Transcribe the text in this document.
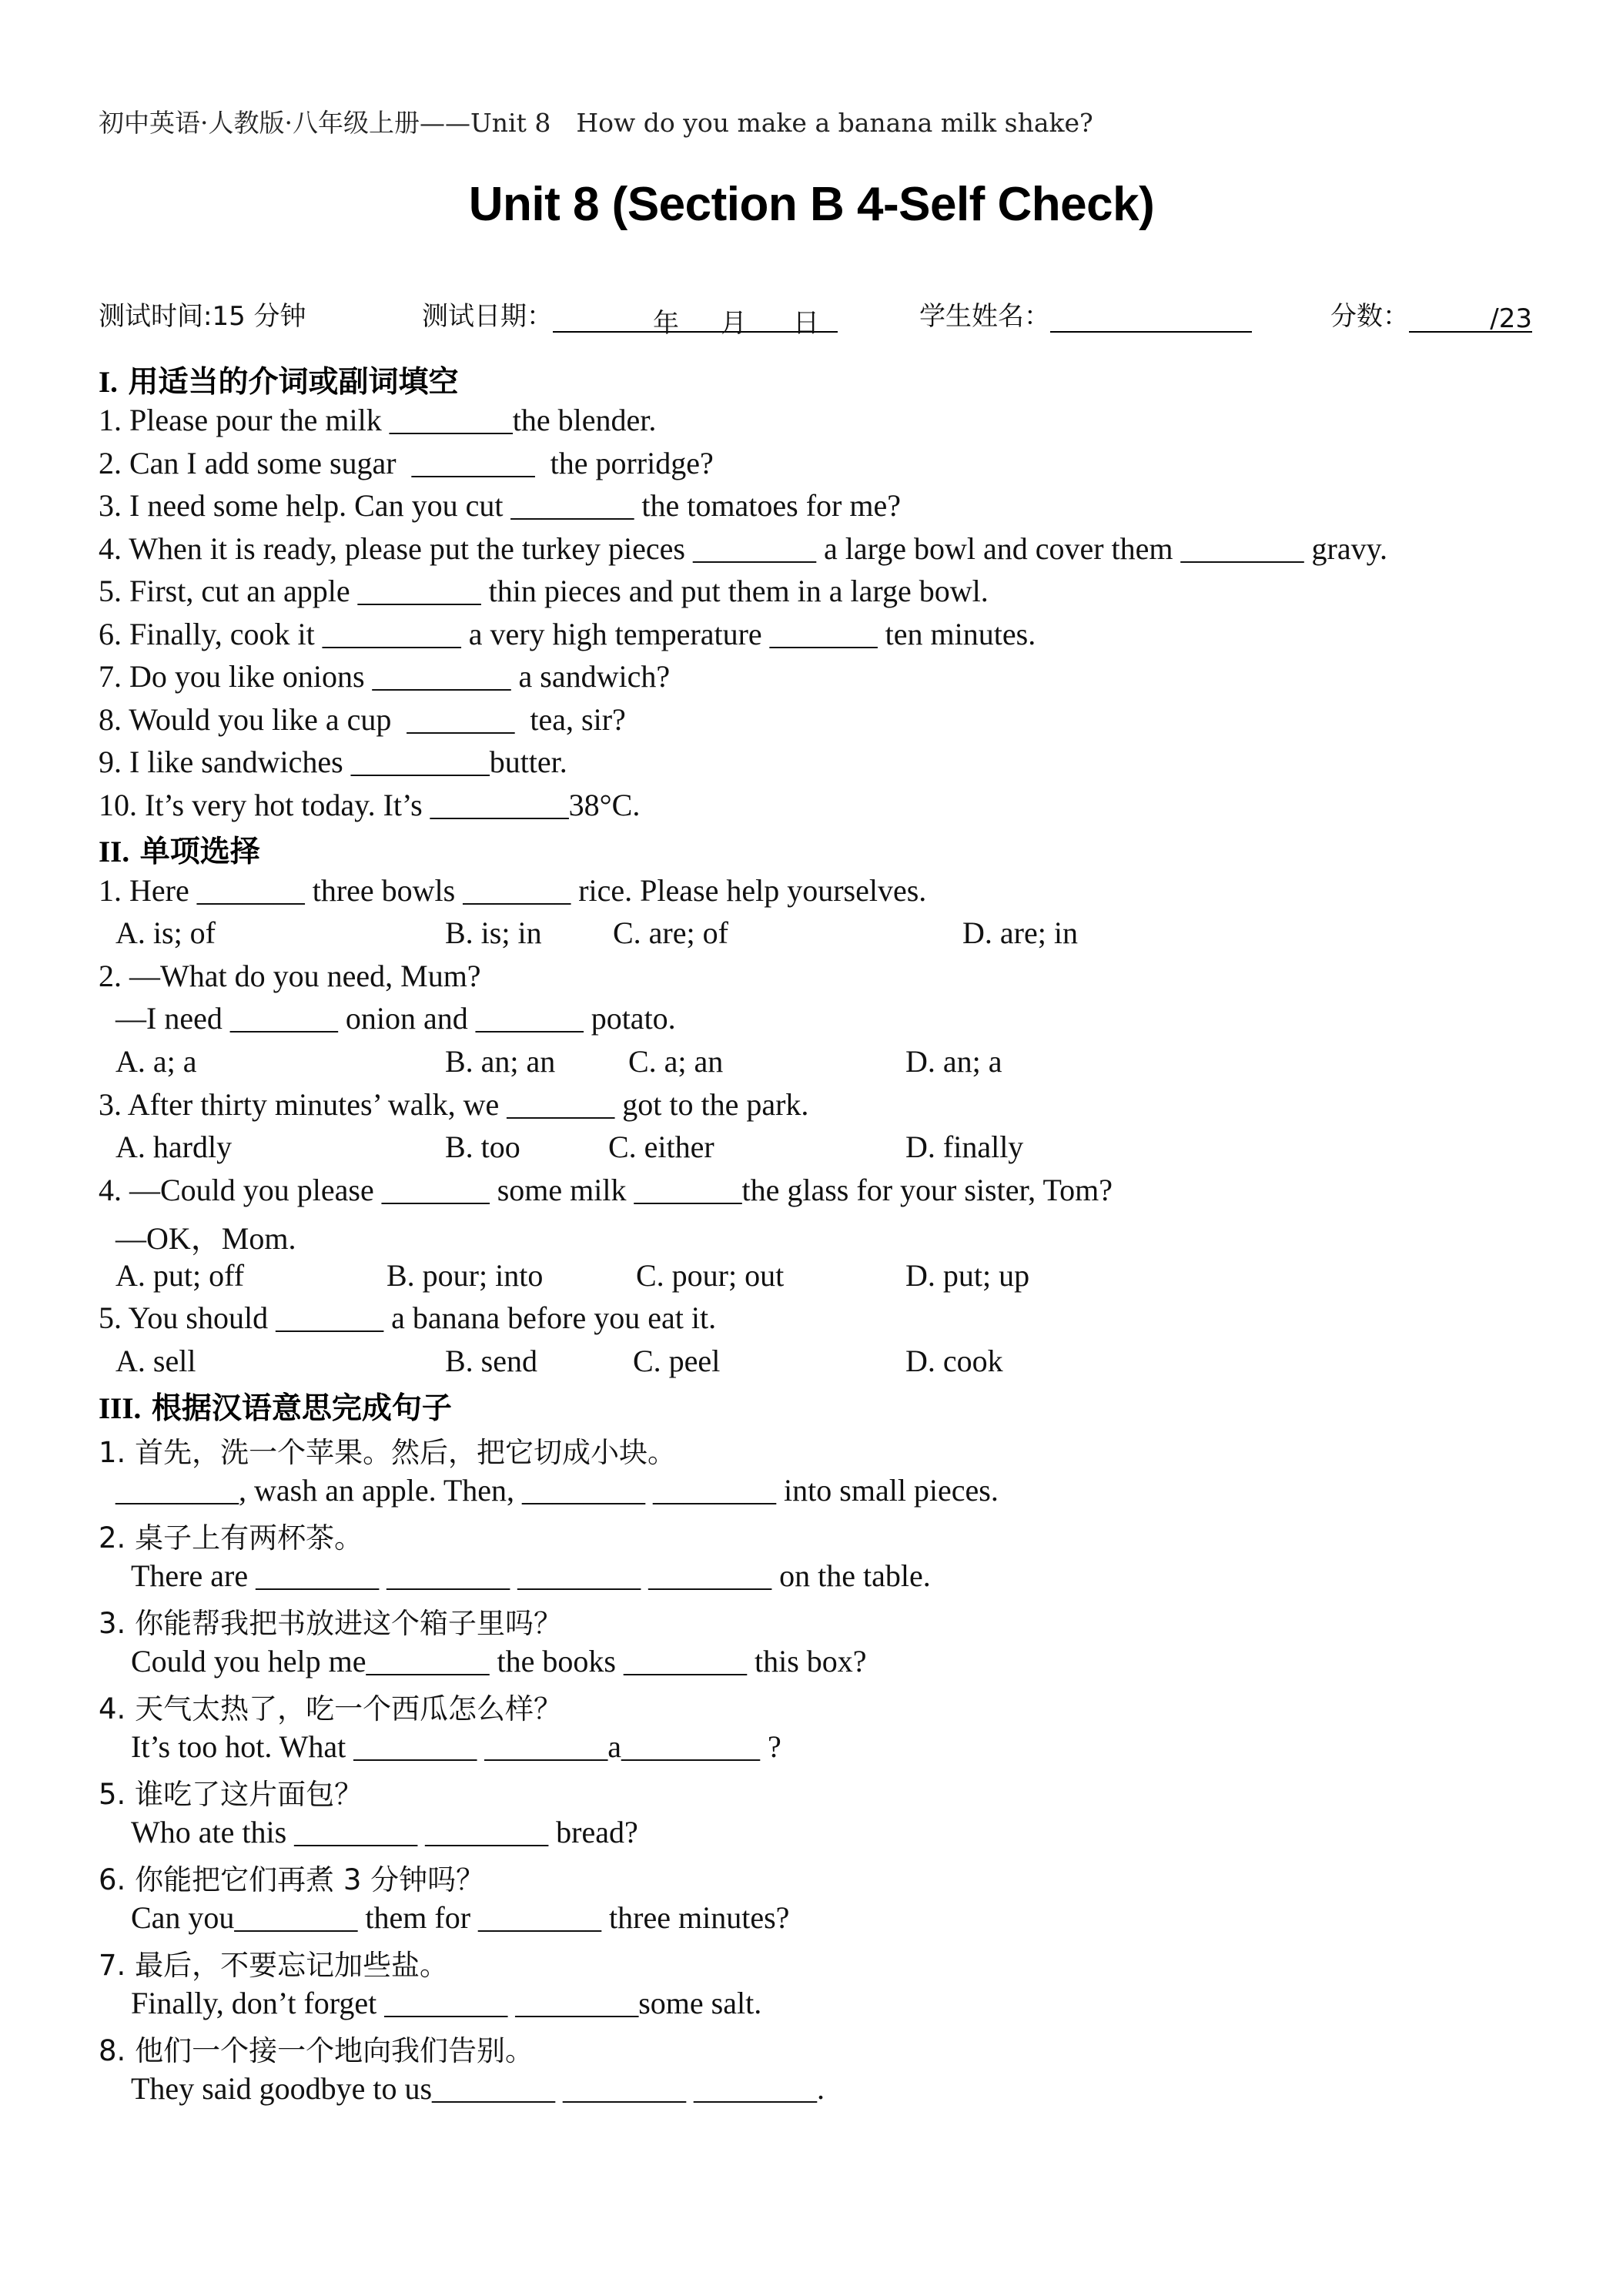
初中英语·人教版·八年级上册——Unit 8　How do you make a banana milk shake?
Unit 8 (Section B 4-Self Check)
测试时间:15 分钟	测试日期：	年 月 日	学生姓名：	分数：	/23
I. 用适当的介词或副词填空
1. Please pour the milk ________the blender.
2. Can I add some sugar  ________  the porridge?
3. I need some help. Can you cut ________ the tomatoes for me?
4. When it is ready, please put the turkey pieces ________ a large bowl and cover them ________ gravy.
5. First, cut an apple ________ thin pieces and put them in a large bowl.
6. Finally, cook it _________ a very high temperature _______ ten minutes.
7. Do you like onions _________ a sandwich?
8. Would you like a cup  _______  tea, sir?
9. I like sandwiches _________butter.
10. It’s very hot today. It’s _________38°C.
II. 单项选择
1. Here _______ three bowls _______ rice. Please help yourselves.
A. is; of	B. is; in C. are; of	D. are; in
2. —What do you need, Mum?
—I need _______ onion and _______ potato.
A. a; a	B. an; an C. a; an	D. an; a
3. After thirty minutes’ walk, we _______ got to the park.
A. hardly	B. too	C. either	D. finally
4. —Could you please _______ some milk _______the glass for your sister, Tom?
—OK，Mom.
A. put; off	B. pour; into	C. pour; out	D. put; up
5. You should _______ a banana before you eat it.
A. sell	B. send	C. peel	D. cook
III. 根据汉语意思完成句子
1. 首先，洗一个苹果。然后，把它切成小块。
________, wash an apple. Then, ________ ________ into small pieces.
2. 桌子上有两杯茶。
There are ________ ________ ________ ________ on the table.
3. 你能帮我把书放进这个箱子里吗？
Could you help me________ the books ________ this box?
4. 天气太热了，吃一个西瓜怎么样？
It’s too hot. What ________ ________a_________ ?
5. 谁吃了这片面包？
Who ate this ________ ________ bread?
6. 你能把它们再煮 3 分钟吗？
Can you________ them for ________ three minutes?
7. 最后，不要忘记加些盐。
Finally, don’t forget ________ ________some salt.
8. 他们一个接一个地向我们告别。
They said goodbye to us________ ________ ________.
